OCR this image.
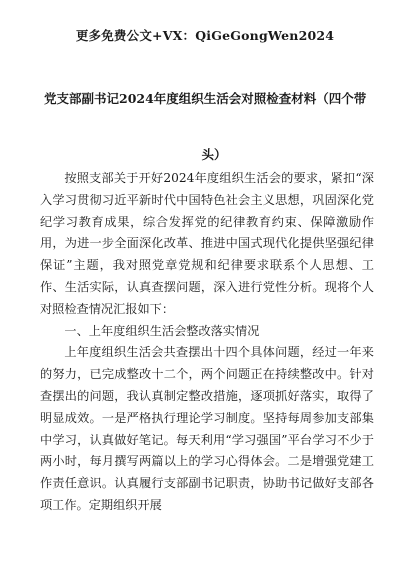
更多免费公文+VX：QiGeGongWen2024
党支部副书记2024年度组织生活会对照检查材料（四个带
头）

按照支部关于开好2024年度组织生活会的要求，紧扣“深入学习贯彻习近平新时代中国特色社会主义思想，巩固深化党纪学习教育成果，综合发挥党的纪律教育约束、保障激励作用，为进一步全面深化改革、推进中国式现代化提供坚强纪律保证”主题，我对照党章党规和纪律要求联系个人思想、工作、生活实际，认真查摆问题，深入进行党性分析。现将个人对照检查情况汇报如下：

一、上年度组织生活会整改落实情况

上年度组织生活会共查摆出十四个具体问题，经过一年来的努力，已完成整改十二个，两个问题正在持续整改中。针对查摆出的问题，我认真制定整改措施，逐项抓好落实，取得了明显成效。一是严格执行理论学习制度。坚持每周参加支部集中学习，认真做好笔记。每天利用“学习强国”平台学习不少于两小时，每月撰写两篇以上的学习心得体会。二是增强党建工作责任意识。认真履行支部副书记职责，协助书记做好支部各项工作。定期组织开展
